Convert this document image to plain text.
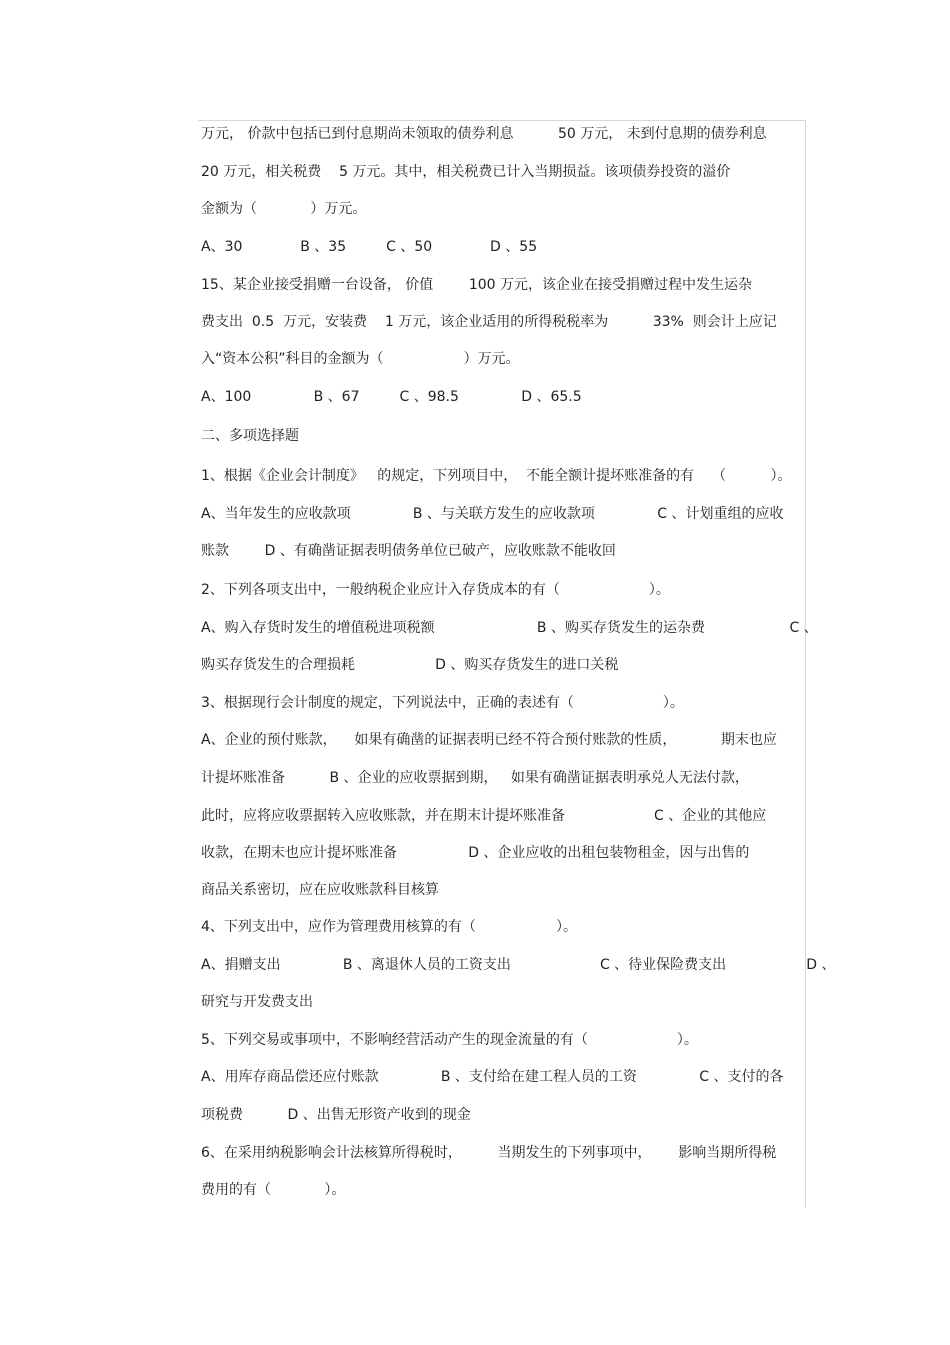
万元， 价款中包括已到付息期尚未领取的债券利息          50 万元， 未到付息期的债券利息
20 万元，相关税费    5 万元。其中，相关税费已计入当期损益。该项债券投资的溢价
金额为（            ）万元。
A、30             B 、35         C 、50             D 、55
15、某企业接受捐赠一台设备， 价值        100 万元，该企业在接受捐赠过程中发生运杂
费支出  0.5  万元，安装费    1 万元，该企业适用的所得税税率为          33%  则会计上应记
入“资本公积”科目的金额为（                  ）万元。
A、100              B 、67         C 、98.5              D 、65.5
二、多项选择题
1、根据《企业会计制度》   的规定，下列项目中，  不能全额计提坏账准备的有    （          ）。
A、当年发生的应收款项              B 、与关联方发生的应收款项              C 、计划重组的应收
账款        D 、有确凿证据表明债务单位已破产，应收账款不能收回
2、下列各项支出中，一般纳税企业应计入存货成本的有（                    ）。
A、购入存货时发生的增值税进项税额                       B 、购买存货发生的运杂费                   C 、
购买存货发生的合理损耗                  D 、购买存货发生的进口关税
3、根据现行会计制度的规定，下列说法中，正确的表述有（                    ）。
A、企业的预付账款，    如果有确凿的证据表明已经不符合预付账款的性质，          期末也应
计提坏账准备          B 、企业的应收票据到期，   如果有确凿证据表明承兑人无法付款，
此时，应将应收票据转入应收账款，并在期末计提坏账准备                    C 、企业的其他应
收款，在期末也应计提坏账准备                D 、企业应收的出租包装物租金，因与出售的
商品关系密切，应在应收账款科目核算
4、下列支出中，应作为管理费用核算的有（                  ）。
A、捐赠支出              B 、离退休人员的工资支出                    C 、待业保险费支出                  D 、
研究与开发费支出
5、下列交易或事项中，不影响经营活动产生的现金流量的有（                    ）。
A、用库存商品偿还应付账款              B 、支付给在建工程人员的工资              C 、支付的各
项税费          D 、出售无形资产收到的现金
6、在采用纳税影响会计法核算所得税时，        当期发生的下列事项中，      影响当期所得税
费用的有（            ）。
